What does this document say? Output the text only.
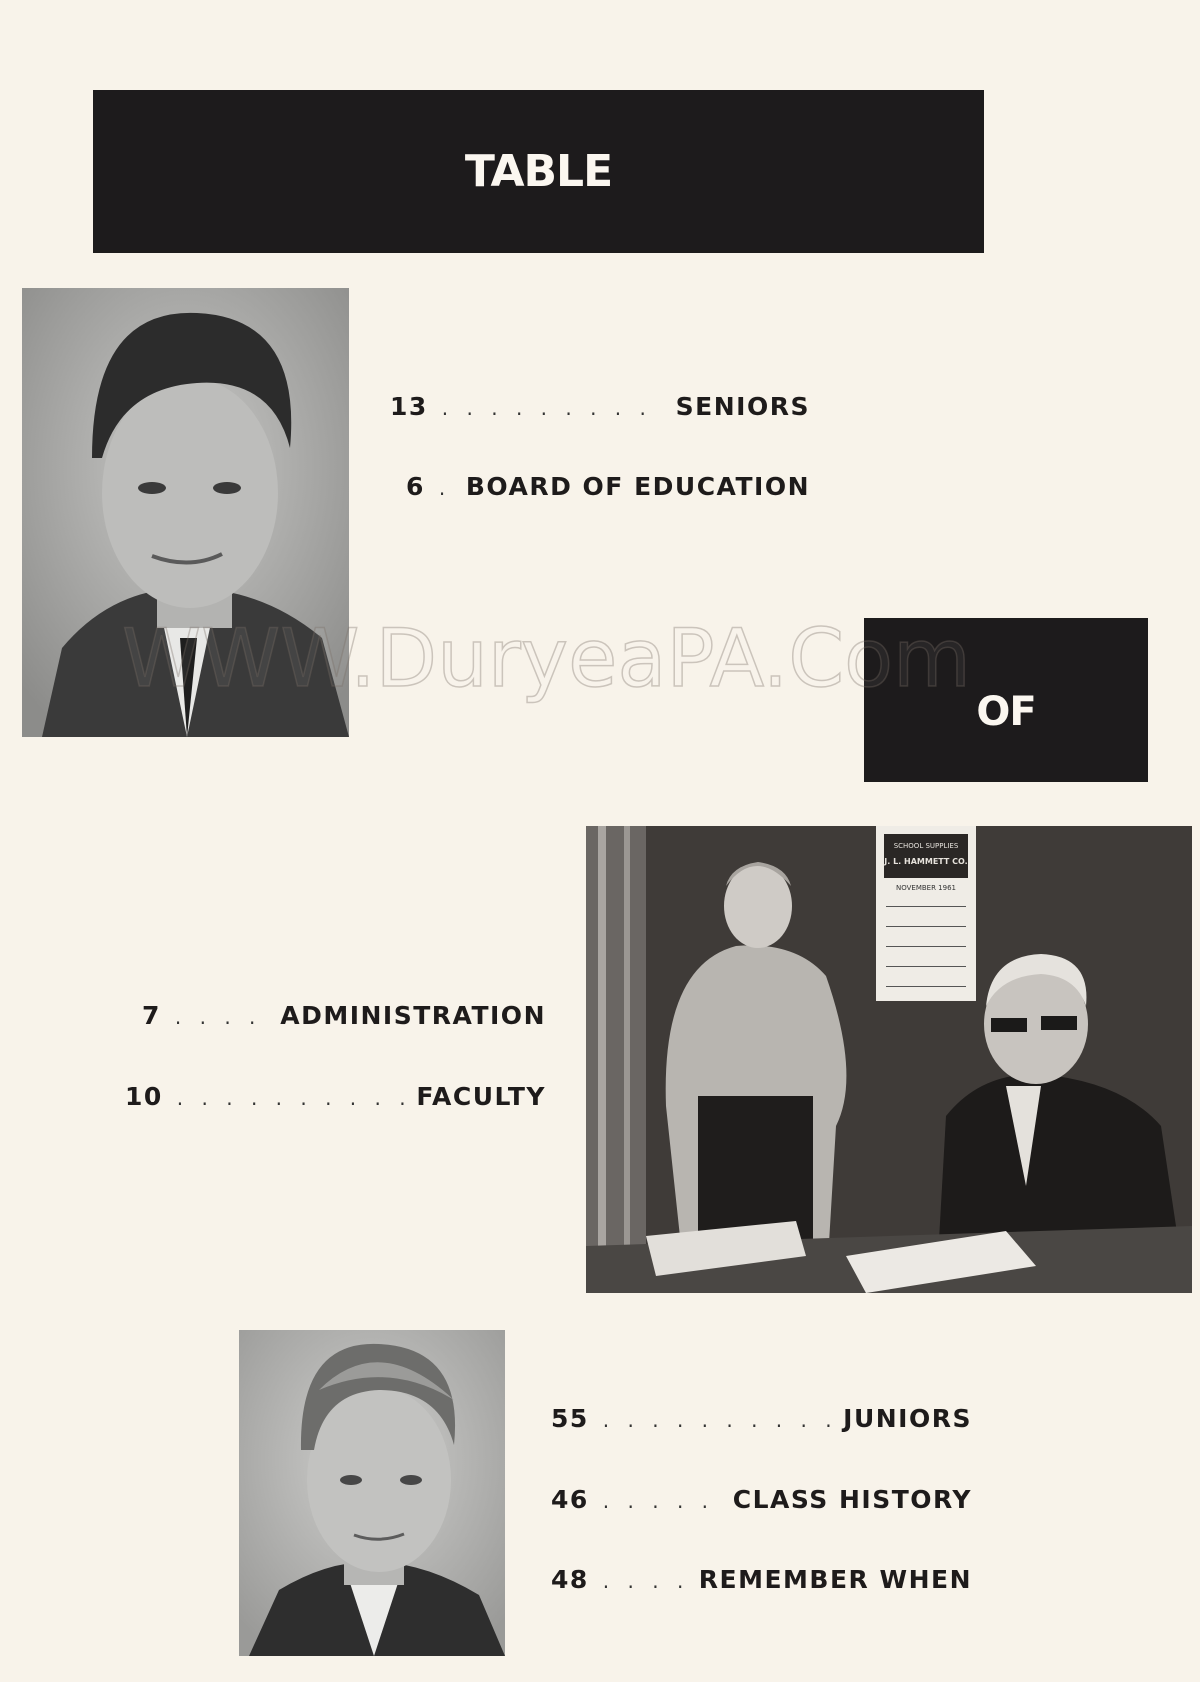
TABLE
13 . . .	SENIORS
6 . . . BOARD OF EDUCATION
OF
WWW.DuryeaPA.Com
7 . . .	ADMINISTRATION
10 . . .	FACULTY
SCHOOL SUPPLIES
J. L. HAMMETT CO.
NOVEMBER 1961
55 . . .	JUNIORS
46 . . .	CLASS HISTORY
48 . . .	REMEMBER WHEN
